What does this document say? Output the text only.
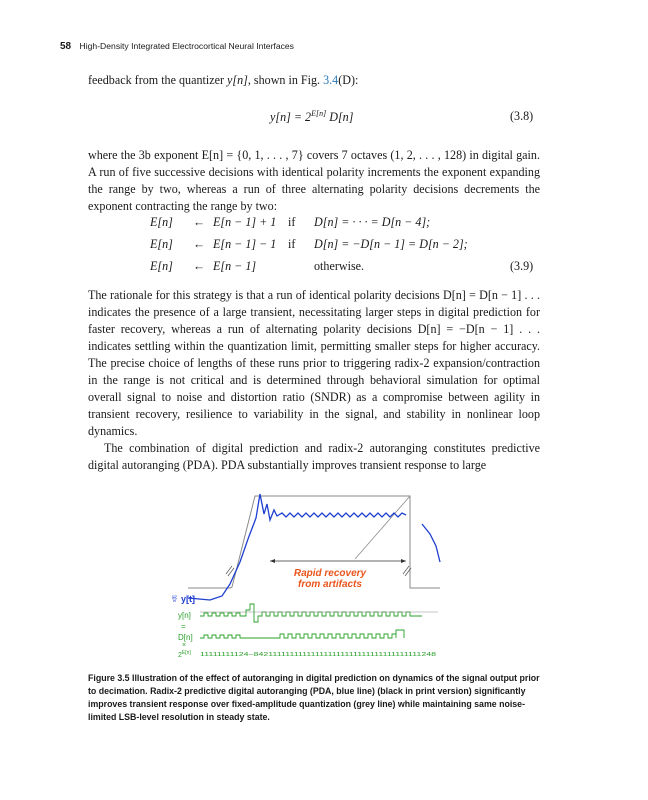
58 High-Density Integrated Electrocortical Neural Interfaces
feedback from the quantizer y[n], shown in Fig. 3.4(D):
$y[n] = 2^{E[n]}$ D[n]	(3.8)
where the 3b exponent E[n] = {0, 1, . . . , 7} covers 7 octaves (1, 2, . . . , 128) in digital gain. A run of five successive decisions with identical polarity increments the exponent expanding the range by two, whereas a run of three alternating polarity decisions decrements the exponent contracting the range by two:
E[n] ← E[n − 1] + 1 if D[n] = · · · = D[n − 4];
E[n] ← E[n − 1] − 1 if D[n] = −D[n − 1] = D[n − 2];
E[n] ← E[n − 1]	otherwise.	(3.9)
The rationale for this strategy is that a run of identical polarity decisions D[n] = D[n − 1] . . . indicates the presence of a large transient, necessitating larger steps in digital prediction for faster recovery, whereas a run of alternating polarity decisions D[n] = −D[n − 1] . . . indicates settling within the quantization limit, permitting smaller steps for higher accuracy. The precise choice of lengths of these runs prior to triggering radix-2 expansion/contraction in the range is not critical and is determined through behavioral simulation for optimal overall signal to noise and distortion ratio (SNDR) as a compromise between agility in transient recovery, resilience to variability in the signal, and stability in nonlinear loop dynamics.
The combination of digital prediction and radix-2 autoranging constitutes predictive digital autoranging (PDA). PDA substantially improves transient response to large
Rapid recovery
from artifacts
x[t] y[t]
y[n]
=
D[n]
×
$2^{E[n]}$ 11111111124−842111111111111111111111111111111111111248
Figure 3.5 Illustration of the effect of autoranging in digital prediction on dynamics of the signal output prior to decimation. Radix-2 predictive digital autoranging (PDA, blue line) (black in print version) significantly improves transient response over fixed-amplitude quantization (grey line) while maintaining same noise-limited LSB-level resolution in steady state.
